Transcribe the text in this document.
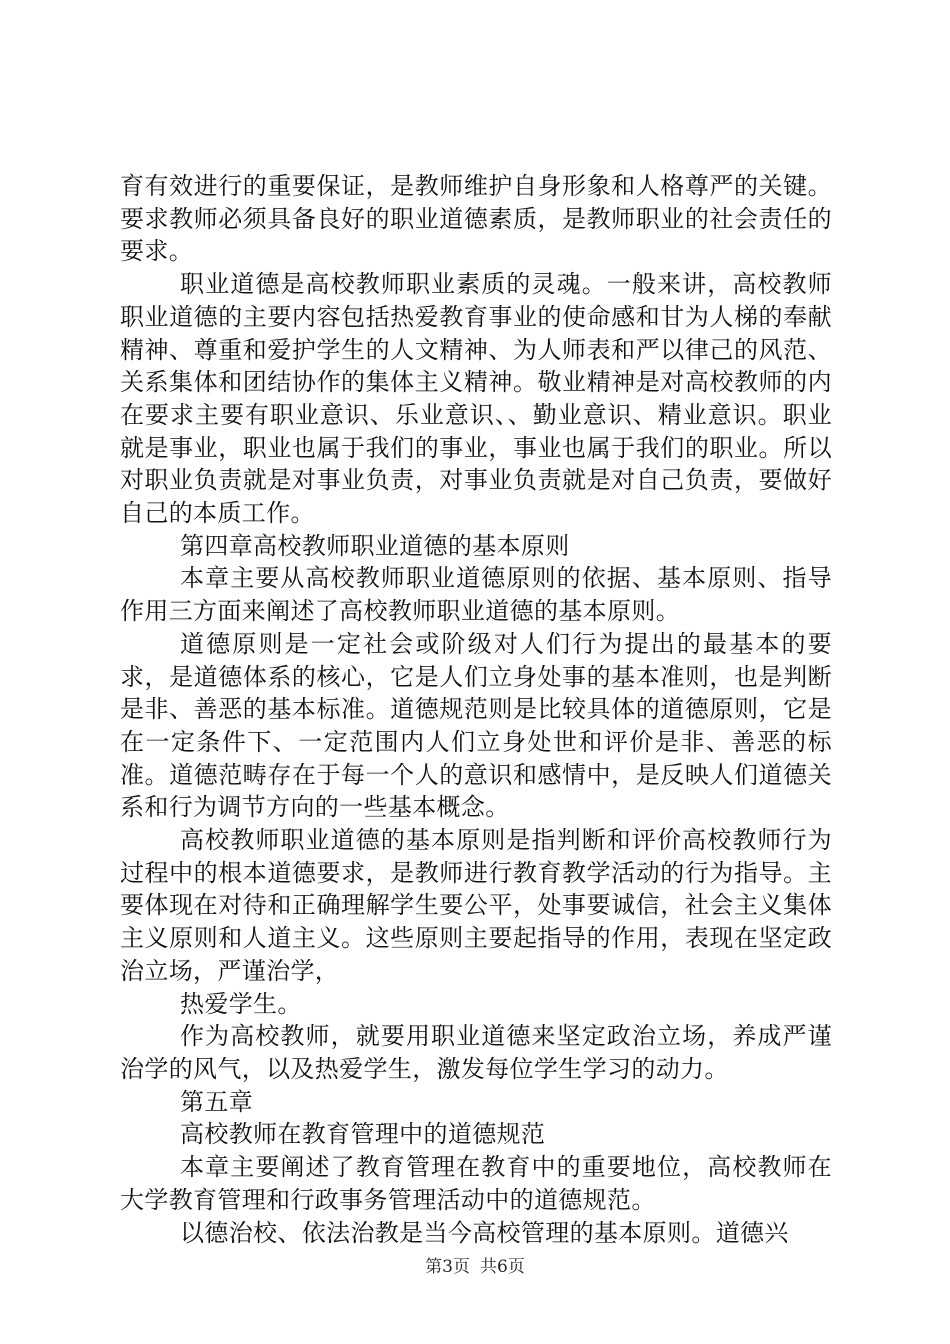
育有效进行的重要保证，是教师维护自身形象和人格尊严的关键。要求教师必须具备良好的职业道德素质，是教师职业的社会责任的要求。

职业道德是高校教师职业素质的灵魂。一般来讲，高校教师职业道德的主要内容包括热爱教育事业的使命感和甘为人梯的奉献精神、尊重和爱护学生的人文精神、为人师表和严以律己的风范、关系集体和团结协作的集体主义精神。敬业精神是对高校教师的内在要求主要有职业意识、乐业意识、、勤业意识、精业意识。职业就是事业，职业也属于我们的事业，事业也属于我们的职业。所以对职业负责就是对事业负责，对事业负责就是对自己负责，要做好自己的本质工作。

第四章高校教师职业道德的基本原则

本章主要从高校教师职业道德原则的依据、基本原则、指导作用三方面来阐述了高校教师职业道德的基本原则。

道德原则是一定社会或阶级对人们行为提出的最基本的要求，是道德体系的核心，它是人们立身处事的基本准则，也是判断是非、善恶的基本标准。道德规范则是比较具体的道德原则，它是在一定条件下、一定范围内人们立身处世和评价是非、善恶的标准。道德范畴存在于每一个人的意识和感情中，是反映人们道德关系和行为调节方向的一些基本概念。

高校教师职业道德的基本原则是指判断和评价高校教师行为过程中的根本道德要求，是教师进行教育教学活动的行为指导。主要体现在对待和正确理解学生要公平，处事要诚信，社会主义集体主义原则和人道主义。这些原则主要起指导的作用，表现在坚定政治立场，严谨治学，

热爱学生。

作为高校教师，就要用职业道德来坚定政治立场，养成严谨治学的风气，以及热爱学生，激发每位学生学习的动力。

第五章

高校教师在教育管理中的道德规范

本章主要阐述了教育管理在教育中的重要地位，高校教师在大学教育管理和行政事务管理活动中的道德规范。

以德治校、依法治教是当今高校管理的基本原则。道德兴

第3页 共6页
